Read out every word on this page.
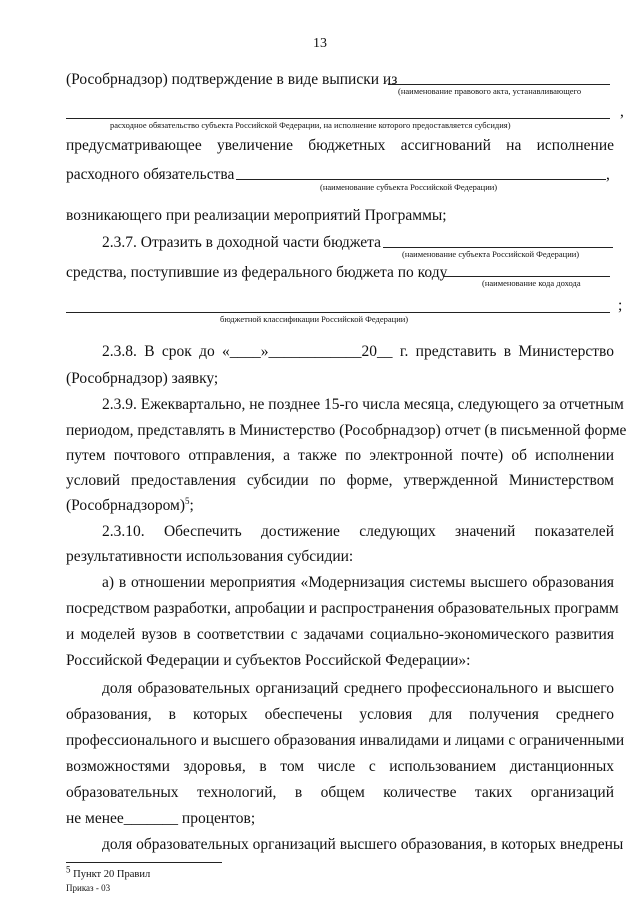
13
(Рособрнадзор) подтверждение в виде выписки из
(наименование правового акта, устанавливающего
,
расходное обязательство субъекта Российской Федерации, на исполнение которого предоставляется субсидия)
предусматривающее увеличение бюджетных ассигнований на исполнение
расходного обязательства	,
(наименование субъекта Российской Федерации)
возникающего при реализации мероприятий Программы;
2.3.7. Отразить в доходной части бюджета
(наименование субъекта Российской Федерации)
средства, поступившие из федерального бюджета по коду
(наименование кода дохода
;
бюджетной классификации Российской Федерации)
2.3.8. В срок до «____»____________20__ г. представить в Министерство
(Рособрнадзор) заявку;
2.3.9. Ежеквартально, не позднее 15-го числа месяца, следующего за отчетным
периодом, представлять в Министерство (Рособрнадзор) отчет (в письменной форме
путем почтового отправления, а также по электронной почте) об исполнении
условий предоставления субсидии по форме, утвержденной Министерством
(Рособрнадзором)$^5$;
2.3.10. Обеспечить достижение следующих значений показателей
результативности использования субсидии:
а) в отношении мероприятия «Модернизация системы высшего образования
посредством разработки, апробации и распространения образовательных программ
и моделей вузов в соответствии с задачами социально-экономического развития
Российской Федерации и субъектов Российской Федерации»:
доля образовательных организаций среднего профессионального и высшего
образования, в которых обеспечены условия для получения среднего
профессионального и высшего образования инвалидами и лицами с ограниченными
возможностями здоровья, в том числе с использованием дистанционных
образовательных технологий, в общем количестве таких организаций
не менее_______ процентов;
доля образовательных организаций высшего образования, в которых внедрены
$^5$ Пункт 20 Правил
Приказ - 03
